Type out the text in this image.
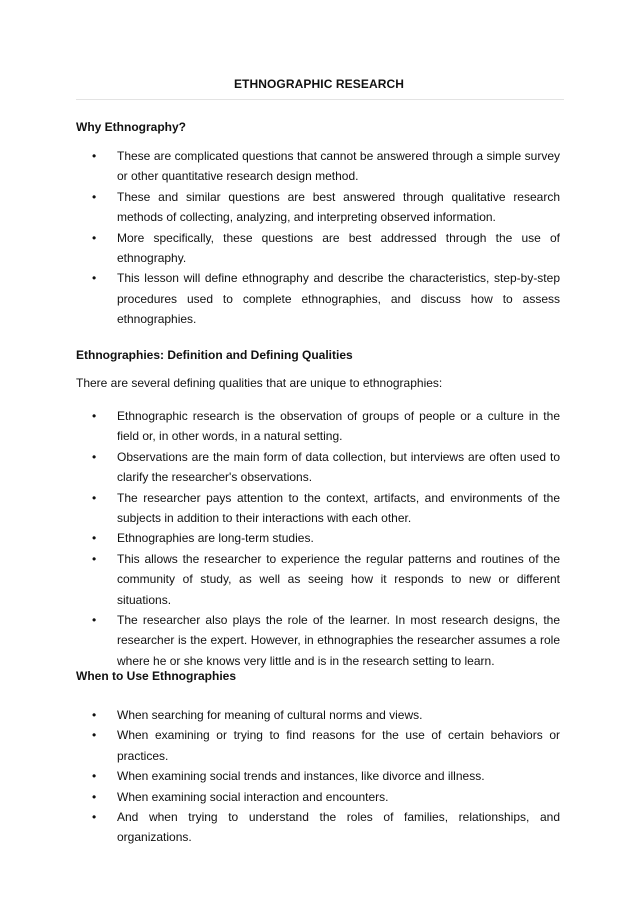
ETHNOGRAPHIC RESEARCH
Why Ethnography?
• These are complicated questions that cannot be answered through a simple survey or other quantitative research design method.
• These and similar questions are best answered through qualitative research methods of collecting, analyzing, and interpreting observed information.
• More specifically, these questions are best addressed through the use of ethnography.
• This lesson will define ethnography and describe the characteristics, step-by-step procedures used to complete ethnographies, and discuss how to assess ethnographies.
Ethnographies: Definition and Defining Qualities
There are several defining qualities that are unique to ethnographies:
• Ethnographic research is the observation of groups of people or a culture in the field or, in other words, in a natural setting.
• Observations are the main form of data collection, but interviews are often used to clarify the researcher's observations.
• The researcher pays attention to the context, artifacts, and environments of the subjects in addition to their interactions with each other.
• Ethnographies are long-term studies.
• This allows the researcher to experience the regular patterns and routines of the community of study, as well as seeing how it responds to new or different situations.
• The researcher also plays the role of the learner. In most research designs, the researcher is the expert. However, in ethnographies the researcher assumes a role where he or she knows very little and is in the research setting to learn.
When to Use Ethnographies
• When searching for meaning of cultural norms and views.
• When examining or trying to find reasons for the use of certain behaviors or practices.
• When examining social trends and instances, like divorce and illness.
• When examining social interaction and encounters.
• And when trying to understand the roles of families, relationships, and organizations.
